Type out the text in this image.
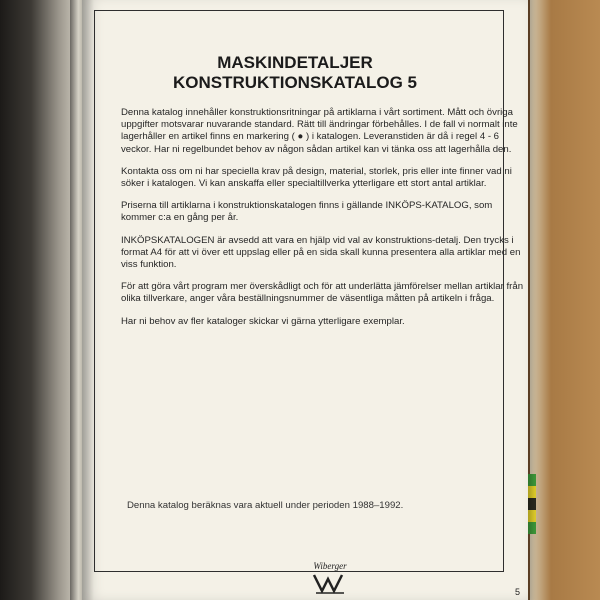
MASKINDETALJER
KONSTRUKTIONSKATALOG 5

Denna katalog innehåller konstruktionsritningar på artiklarna i vårt sortiment. Mått och övriga uppgifter motsvarar nuvarande standard. Rätt till ändringar förbehålles. I de fall vi normalt inte lagerhåller en artikel finns en markering ( ● ) i katalogen. Leveranstiden är då i regel 4 - 6 veckor. Har ni regelbundet behov av någon sådan artikel kan vi tänka oss att lagerhålla den.

Kontakta oss om ni har speciella krav på design, material, storlek, pris eller inte finner vad ni söker i katalogen. Vi kan anskaffa eller specialtillverka ytterligare ett stort antal artiklar.

Priserna till artiklarna i konstruktionskatalogen finns i gällande INKÖPS-KATALOG, som kommer c:a en gång per år.

INKÖPSKATALOGEN är avsedd att vara en hjälp vid val av konstruktions-detalj. Den trycks i format A4 för att vi över ett uppslag eller på en sida skall kunna presentera alla artiklar med en viss funktion.

För att göra vårt program mer överskådligt och för att underlätta jämförelser mellan artiklar från olika tillverkare, anger våra beställningsnummer de väsentliga måtten på artikeln i fråga.

Har ni behov av fler kataloger skickar vi gärna ytterligare exemplar.

Denna katalog beräknas vara aktuell under perioden 1988–1992.
Wiberger
5
